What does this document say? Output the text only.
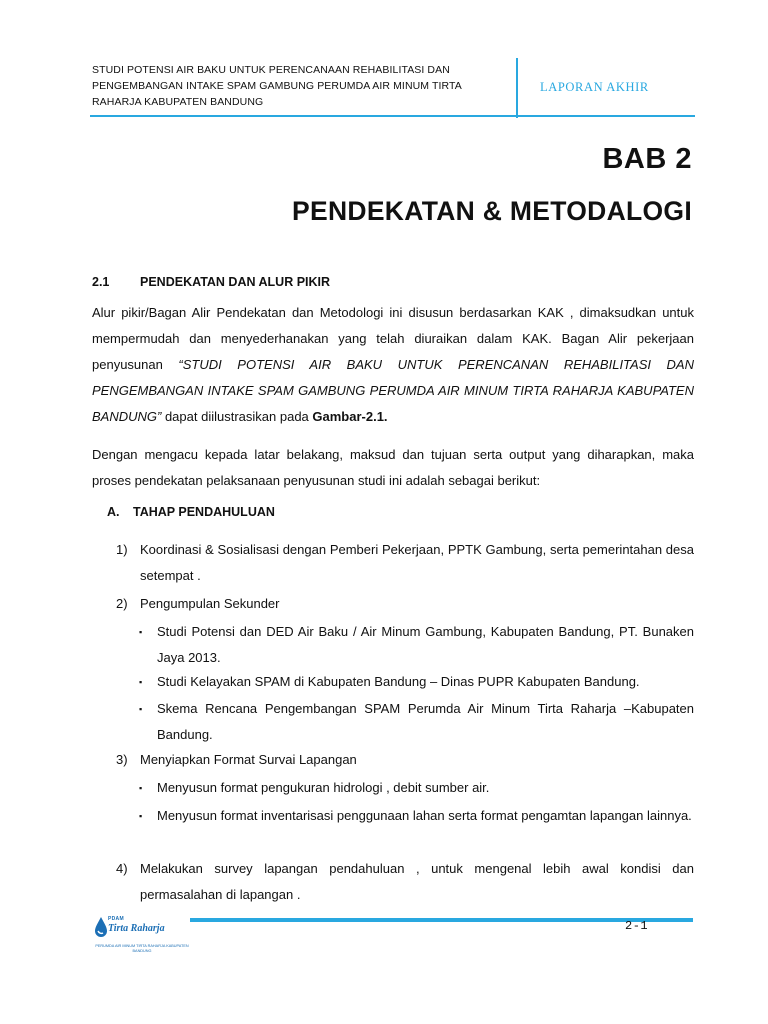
STUDI POTENSI AIR BAKU UNTUK PERENCANAAN REHABILITASI DAN
PENGEMBANGAN INTAKE SPAM GAMBUNG PERUMDA AIR MINUM TIRTA
RAHARJA KABUPATEN BANDUNG
LAPORAN AKHIR
BAB 2
PENDEKATAN & METODALOGI
2.1 PENDEKATAN DAN ALUR PIKIR
Alur pikir/Bagan Alir Pendekatan dan Metodologi ini disusun berdasarkan KAK , dimaksudkan untuk mempermudah dan menyederhanakan yang telah diuraikan dalam KAK. Bagan Alir pekerjaan penyusunan “STUDI POTENSI AIR BAKU UNTUK PERENCANAN REHABILITASI DAN PENGEMBANGAN INTAKE SPAM GAMBUNG PERUMDA AIR MINUM TIRTA RAHARJA KABUPATEN BANDUNG” dapat diilustrasikan pada Gambar-2.1.
Dengan mengacu kepada latar belakang, maksud dan tujuan serta output yang diharapkan, maka proses pendekatan pelaksanaan penyusunan studi ini adalah sebagai berikut:
A. TAHAP PENDAHULUAN
1) Koordinasi & Sosialisasi dengan Pemberi Pekerjaan, PPTK Gambung, serta pemerintahan desa setempat .
2) Pengumpulan Sekunder
▪ Studi Potensi dan DED Air Baku / Air Minum Gambung, Kabupaten Bandung, PT. Bunaken Jaya 2013.
▪ Studi Kelayakan SPAM di Kabupaten Bandung – Dinas PUPR Kabupaten Bandung.
▪ Skema Rencana Pengembangan SPAM Perumda Air Minum Tirta Raharja –Kabupaten Bandung.
3) Menyiapkan Format Survai Lapangan
▪ Menyusun format pengukuran hidrologi , debit sumber air.
▪ Menyusun format inventarisasi penggunaan lahan serta format pengamtan lapangan lainnya.
4) Melakukan survey lapangan pendahuluan , untuk mengenal lebih awal kondisi dan permasalahan di lapangan .
PDAM
Tirta Raharja
PERUMDA AIR MINUM TIRTA RAHARJA KABUPATEN BANDUNG
2-1
